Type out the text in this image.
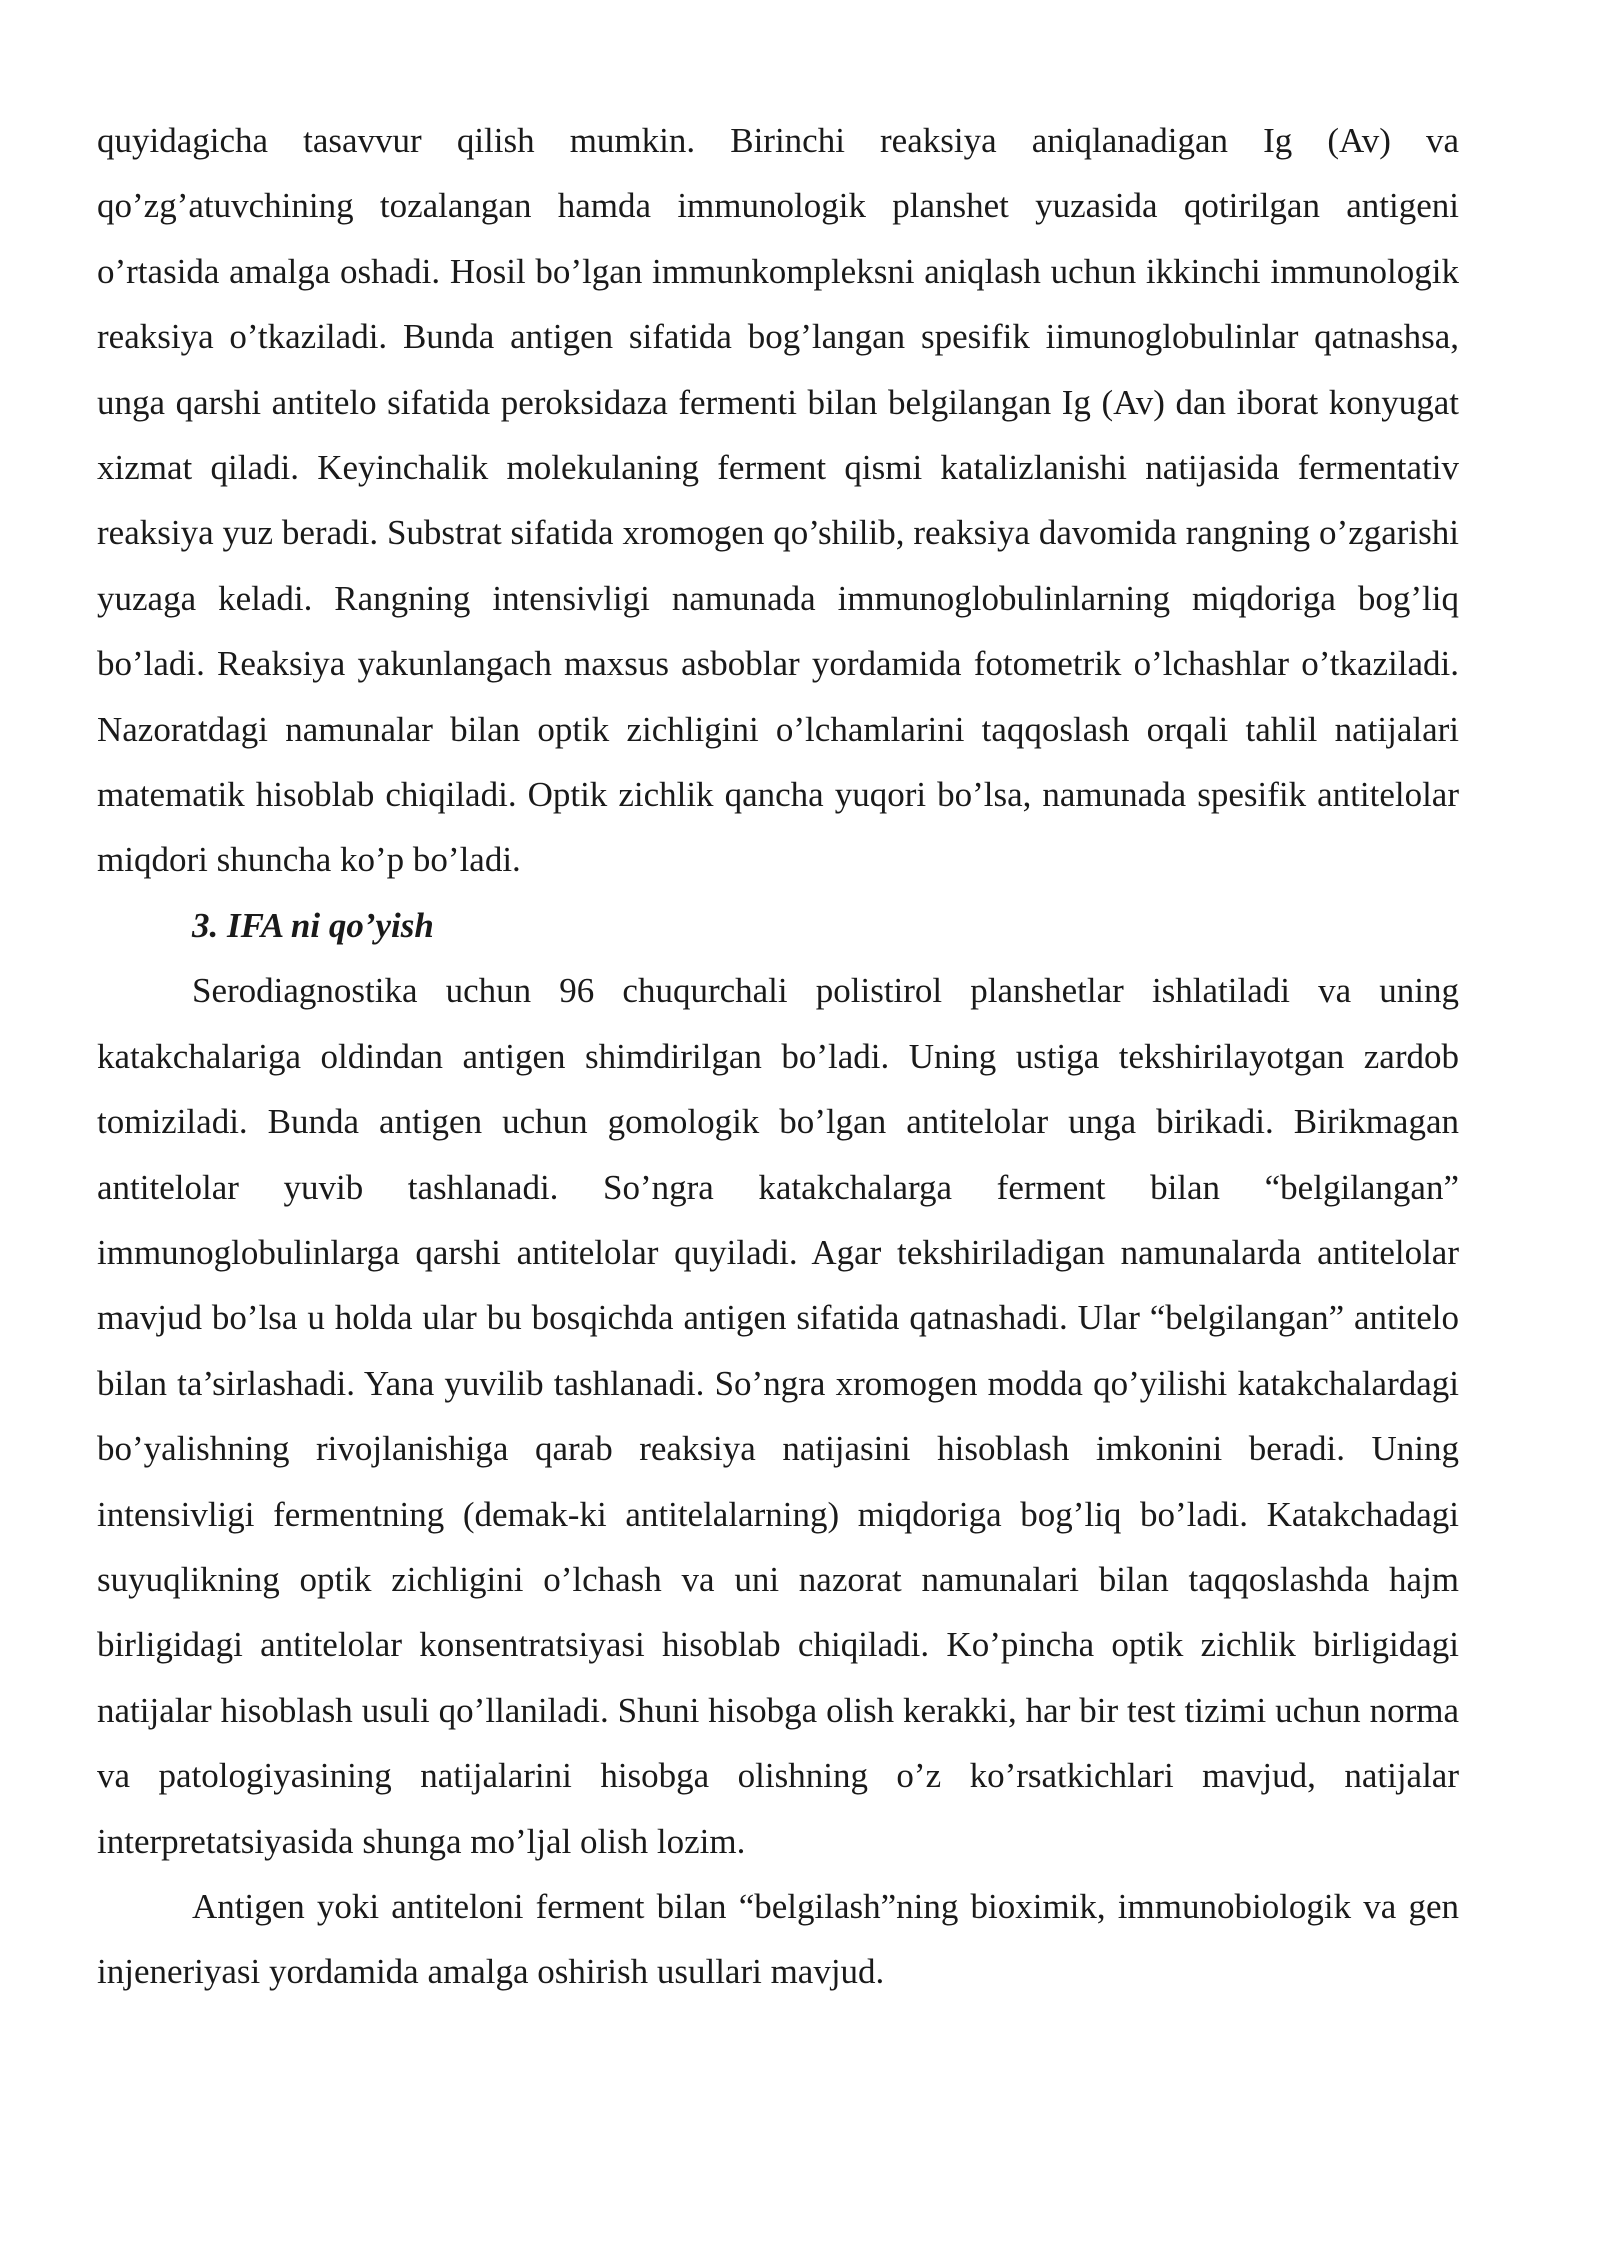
quyidagicha tasavvur qilish mumkin. Birinchi reaksiya aniqlanadigan Ig (Av) va qo’zg’atuvchining tozalangan hamda immunologik planshet yuzasida qotirilgan antigeni o’rtasida amalga oshadi. Hosil bo’lgan immunkompleksni aniqlash uchun ikkinchi immunologik reaksiya o’tkaziladi. Bunda antigen sifatida bog’langan spesifik iimunoglobulinlar qatnashsa, unga qarshi antitelo sifatida peroksidaza fermenti bilan belgilangan Ig (Av) dan iborat konyugat xizmat qiladi. Keyinchalik molekulaning ferment qismi katalizlanishi natijasida fermentativ reaksiya yuz beradi. Substrat sifatida xromogen qo’shilib, reaksiya davomida rangning o’zgarishi yuzaga keladi. Rangning intensivligi namunada immunoglobulinlarning miqdoriga bog’liq bo’ladi. Reaksiya yakunlangach maxsus asboblar yordamida fotometrik o’lchashlar o’tkaziladi. Nazoratdagi namunalar bilan optik zichligini o’lchamlarini taqqoslash orqali tahlil natijalari matematik hisoblab chiqiladi. Optik zichlik qancha yuqori bo’lsa, namunada spesifik antitelolar miqdori shuncha ko’p bo’ladi.

3. IFA ni qo’yish

Serodiagnostika uchun 96 chuqurchali polistirol planshetlar ishlatiladi va uning katakchalariga oldindan antigen shimdirilgan bo’ladi. Uning ustiga tekshirilayotgan zardob tomiziladi. Bunda antigen uchun gomologik bo’lgan antitelolar unga birikadi. Birikmagan antitelolar yuvib tashlanadi. So’ngra katakchalarga ferment bilan “belgilangan” immunoglobulinlarga qarshi antitelolar quyiladi. Agar tekshiriladigan namunalarda antitelolar mavjud bo’lsa u holda ular bu bosqichda antigen sifatida qatnashadi. Ular “belgilangan” antitelo bilan ta’sirlashadi. Yana yuvilib tashlanadi. So’ngra xromogen modda qo’yilishi katakchalardagi bo’yalishning rivojlanishiga qarab reaksiya natijasini hisoblash imkonini beradi. Uning intensivligi fermentning (demak-ki antitelalarning) miqdoriga bog’liq bo’ladi. Katakchadagi suyuqlikning optik zichligini o’lchash va uni nazorat namunalari bilan taqqoslashda hajm birligidagi antitelolar konsentratsiyasi hisoblab chiqiladi. Ko’pincha optik zichlik birligidagi natijalar hisoblash usuli qo’llaniladi. Shuni hisobga olish kerakki, har bir test tizimi uchun norma va patologiyasining natijalarini hisobga olishning o’z ko’rsatkichlari mavjud, natijalar interpretatsiyasida shunga mo’ljal olish lozim.

Antigen yoki antiteloni ferment bilan “belgilash”ning bioximik, immunobiologik va gen injeneriyasi yordamida amalga oshirish usullari mavjud.
